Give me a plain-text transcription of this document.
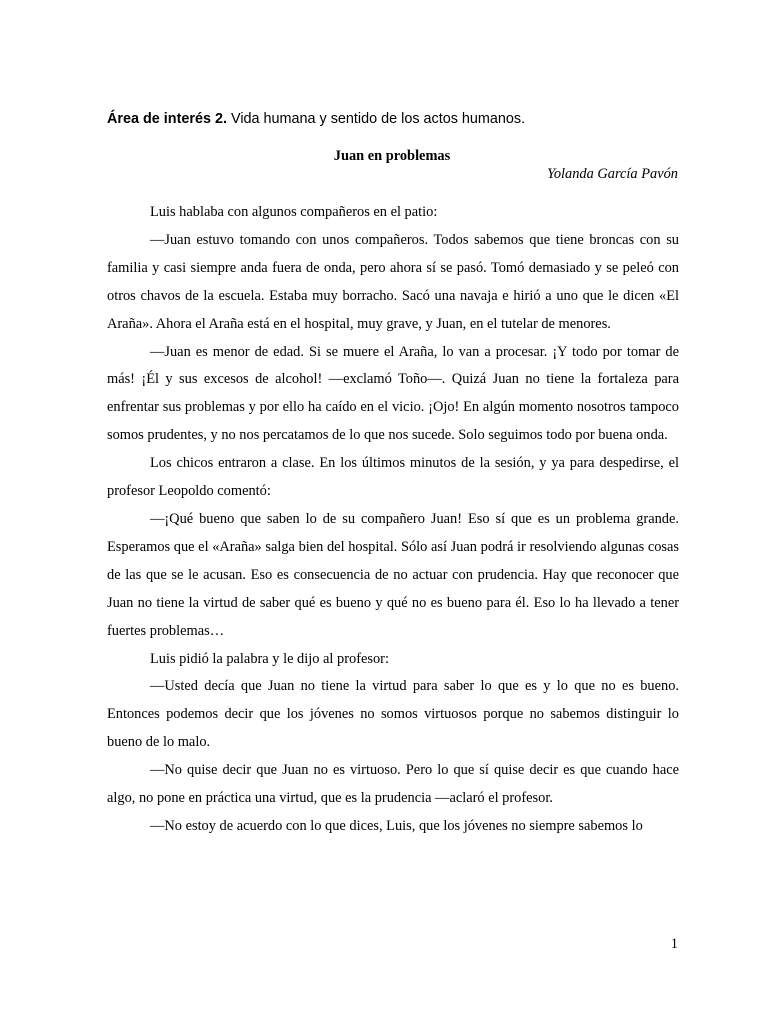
Área de interés 2. Vida humana y sentido de los actos humanos.
Juan en problemas
Yolanda García Pavón

Luis hablaba con algunos compañeros en el patio:

—Juan estuvo tomando con unos compañeros. Todos sabemos que tiene broncas con su familia y casi siempre anda fuera de onda, pero ahora sí se pasó. Tomó demasiado y se peleó con otros chavos de la escuela. Estaba muy borracho. Sacó una navaja e hirió a uno que le dicen «El Araña». Ahora el Araña está en el hospital, muy grave, y Juan, en el tutelar de menores.

—Juan es menor de edad. Si se muere el Araña, lo van a procesar. ¡Y todo por tomar de más! ¡Él y sus excesos de alcohol! —exclamó Toño—. Quizá Juan no tiene la fortaleza para enfrentar sus problemas y por ello ha caído en el vicio. ¡Ojo! En algún momento nosotros tampoco somos prudentes, y no nos percatamos de lo que nos sucede. Solo seguimos todo por buena onda.

Los chicos entraron a clase. En los últimos minutos de la sesión, y ya para despedirse, el profesor Leopoldo comentó:

—¡Qué bueno que saben lo de su compañero Juan! Eso sí que es un problema grande. Esperamos que el «Araña» salga bien del hospital. Sólo así Juan podrá ir resolviendo algunas cosas de las que se le acusan. Eso es consecuencia de no actuar con prudencia. Hay que reconocer que Juan no tiene la virtud de saber qué es bueno y qué no es bueno para él. Eso lo ha llevado a tener fuertes problemas…

Luis pidió la palabra y le dijo al profesor:

—Usted decía que Juan no tiene la virtud para saber lo que es y lo que no es bueno. Entonces podemos decir que los jóvenes no somos virtuosos porque no sabemos distinguir lo bueno de lo malo.

—No quise decir que Juan no es virtuoso. Pero lo que sí quise decir es que cuando hace algo, no pone en práctica una virtud, que es la prudencia —aclaró el profesor.

—No estoy de acuerdo con lo que dices, Luis, que los jóvenes no siempre sabemos lo

1
